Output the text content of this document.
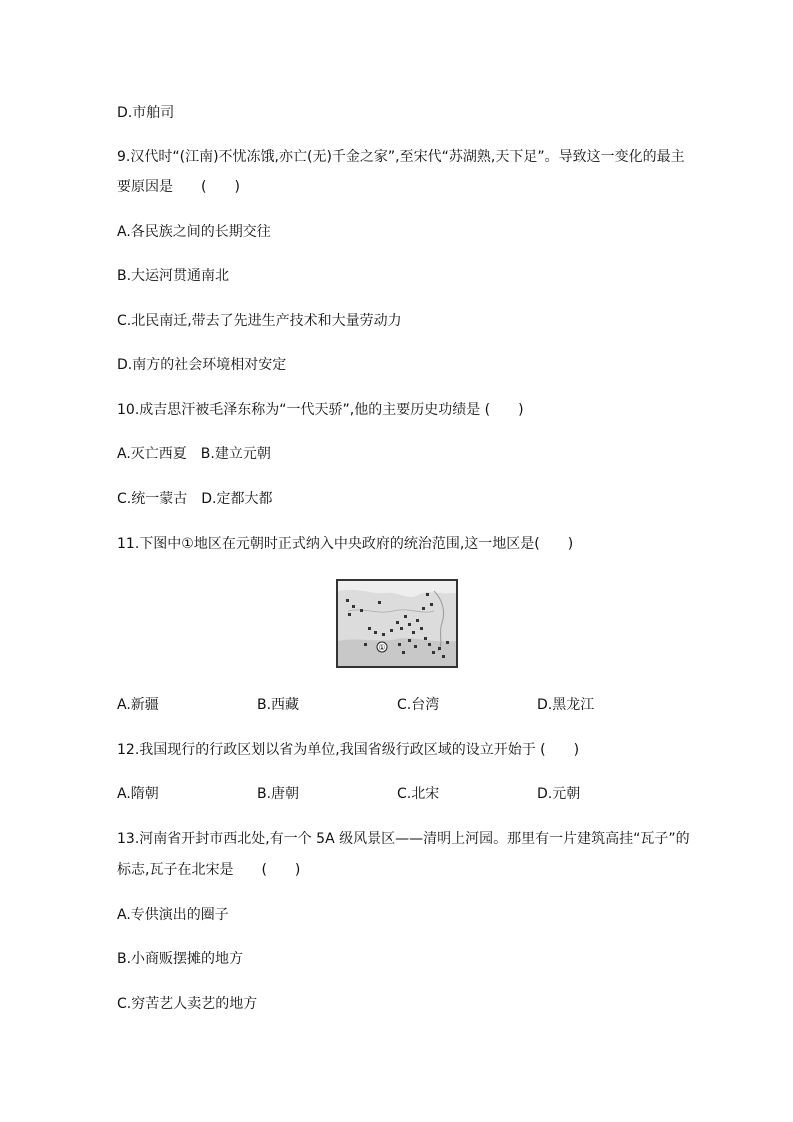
D.市舶司
9.汉代时“(江南)不忧冻饿,亦亡(无)千金之家”,至宋代“苏湖熟,天下足”。导致这一变化的最主
要原因是　　(　　)
A.各民族之间的长期交往
B.大运河贯通南北
C.北民南迁,带去了先进生产技术和大量劳动力
D.南方的社会环境相对安定
10.成吉思汗被毛泽东称为“一代天骄”,他的主要历史功绩是 (　　)
A.灭亡西夏　B.建立元朝
C.统一蒙古　D.定都大都
11.下图中①地区在元朝时正式纳入中央政府的统治范围,这一地区是(　　)
①
A.新疆	B.西藏	C.台湾	D.黑龙江
12.我国现行的行政区划以省为单位,我国省级行政区域的设立开始于 (　　)
A.隋朝	B.唐朝	C.北宋	D.元朝
13.河南省开封市西北处,有一个 5A 级风景区——清明上河园。那里有一片建筑高挂“瓦子”的
标志,瓦子在北宋是　　(　　)
A.专供演出的圈子
B.小商贩摆摊的地方
C.穷苦艺人卖艺的地方
